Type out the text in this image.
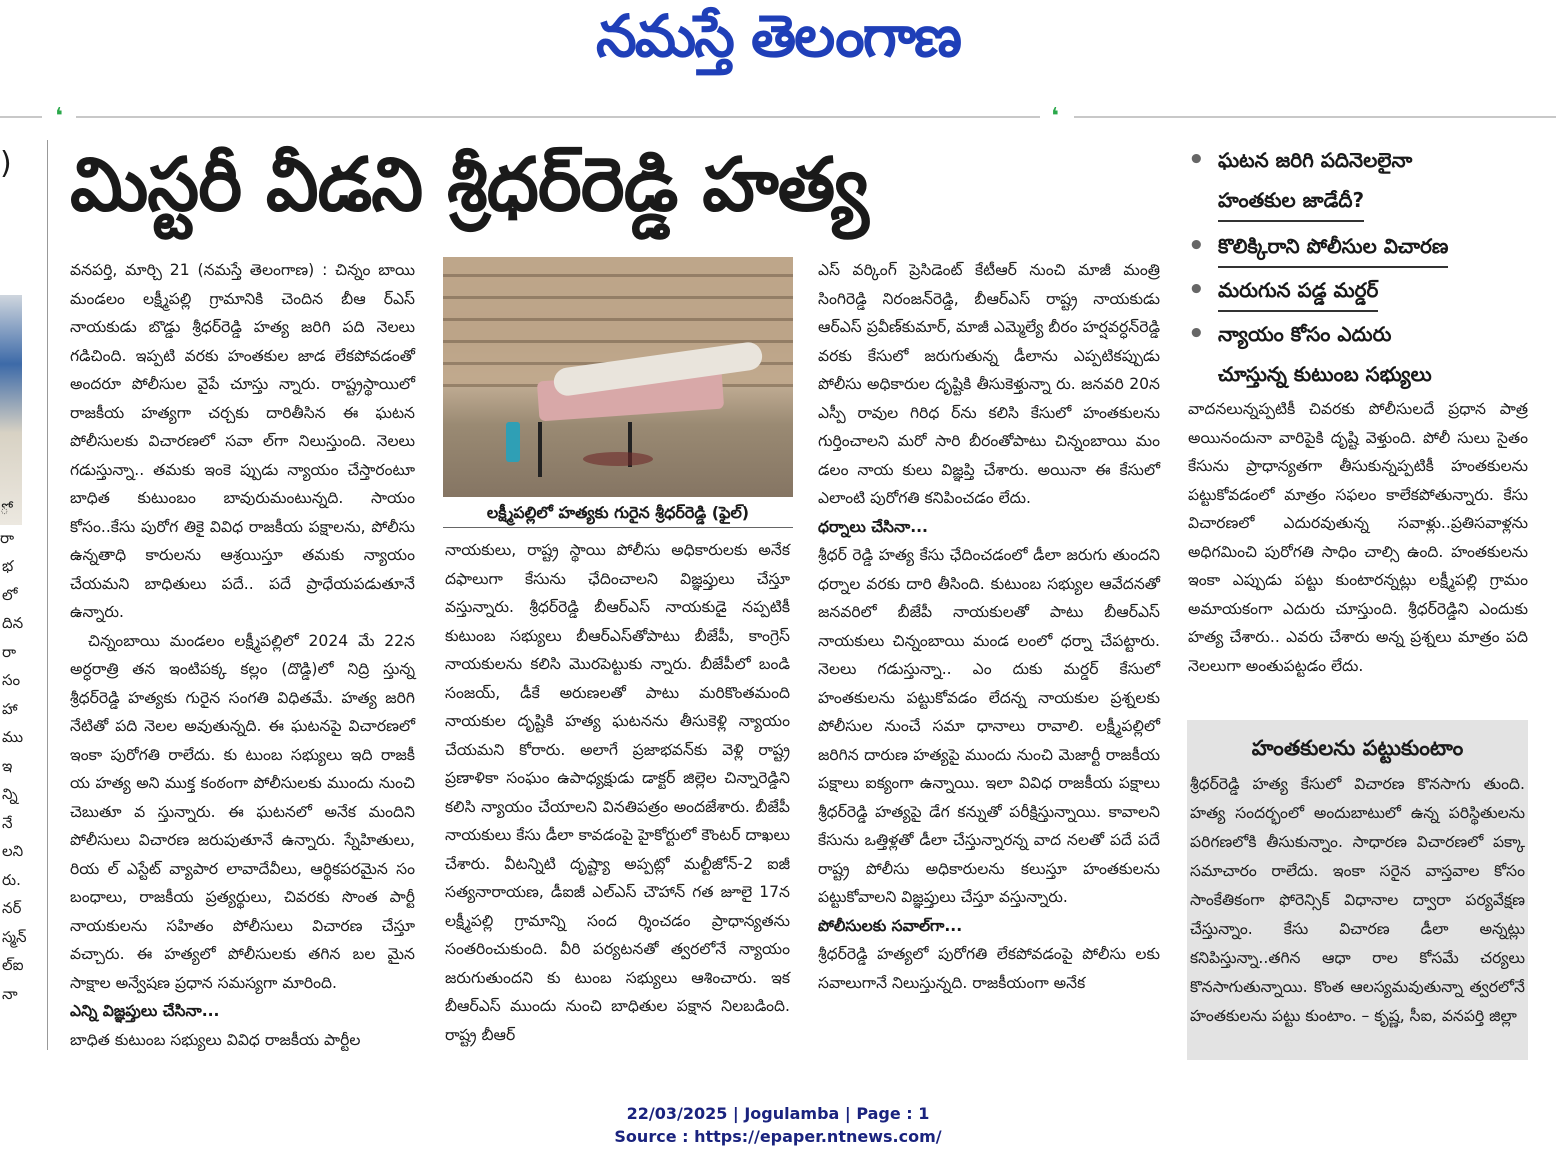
నమస్తే తెలంగాణ
❛	❛
)
ో
రా
భ
లో
దిన
రా
సం
హా
ము
ఇ
న్ని
నే
లని
రు.
నర్
స్మన్
ల్‌ఐ
నా
మిస్టరీ వీడని శ్రీధర్‌రెడ్డి హత్య

వనపర్తి, మార్చి 21 (నమస్తే తెలంగాణ) : చిన్నం బాయి మండలం లక్ష్మీపల్లి గ్రామానికి చెందిన బీఆ ర్‌ఎస్ నాయకుడు బొడ్డు శ్రీధర్‌రెడ్డి హత్య జరిగి పది నెలలు గడిచింది. ఇప్పటి వరకు హంతకుల జాడ లేకపోవడంతో అందరూ పోలీసుల వైపే చూస్తు న్నారు. రాష్ట్రస్థాయిలో రాజకీయ హత్యగా చర్చకు దారితీసిన ఈ ఘటన పోలీసులకు విచారణలో సవా ల్‌గా నిలుస్తుంది. నెలలు గడుస్తున్నా.. తమకు ఇంకె ప్పుడు న్యాయం చేస్తారంటూ బాధిత కుటుంబం బావురుమంటున్నది. సాయం కోసం..కేసు పురోగ తికై వివిధ రాజకీయ పక్షాలను, పోలీసు ఉన్నతాధి కారులను ఆశ్రయిస్తూ తమకు న్యాయం చేయమని బాధితులు పదే.. పదే ప్రాధేయపడుతూనే ఉన్నారు.

చిన్నంబాయి మండలం లక్ష్మీపల్లిలో 2024 మే 22న అర్ధరాత్రి తన ఇంటిపక్క కల్లం (దొడ్డి)లో నిద్రి స్తున్న శ్రీధర్‌రెడ్డి హత్యకు గురైన సంగతి విధితమే. హత్య జరిగి నేటితో పది నెలల అవుతున్నది. ఈ ఘటనపై విచారణలో ఇంకా పురోగతి రాలేదు. కు టుంబ సభ్యులు ఇది రాజకీ య హత్య అని ముక్త కంఠంగా పోలీసులకు ముందు నుంచి చెబుతూ వ స్తున్నారు. ఈ ఘటనలో అనేక మందిని పోలీసులు విచారణ జరుపుతూనే ఉన్నారు. స్నేహితులు, రియ ల్ ఎస్టేట్ వ్యాపార లావాదేవీలు, ఆర్థికపరమైన సం బంధాలు, రాజకీయ ప్రత్యర్థులు, చివరకు సొంత పార్టీ నాయకులను సహితం పోలీసులు విచారణ చేస్తూ వచ్చారు. ఈ హత్యలో పోలీసులకు తగిన బల మైన సాక్షాల అన్వేషణ ప్రధాన సమస్యగా మారింది.

ఎన్ని విజ్ఞప్తులు చేసినా...

బాధిత కుటుంబ సభ్యులు వివిధ రాజకీయ పార్టీల

లక్ష్మీపల్లిలో హత్యకు గురైన శ్రీధర్‌రెడ్డి (ఫైల్‌)

నాయకులు, రాష్ట్ర స్థాయి పోలీసు అధికారులకు అనేక దఫాలుగా కేసును ఛేదించాలని విజ్ఞప్తులు చేస్తూ వస్తున్నారు. శ్రీధర్‌రెడ్డి బీఆర్‌ఎస్ నాయకుడై నప్పటికీ కుటుంబ సభ్యులు బీఆర్‌ఎస్‌తోపాటు బీజేపీ, కాంగ్రెస్ నాయకులను కలిసి మొరపెట్టుకు న్నారు. బీజేపీలో బండి సంజయ్, డీకే అరుణలతో పాటు మరికొంతమంది నాయకుల దృష్టికి హత్య ఘటనను తీసుకెళ్లి న్యాయం చేయమని కోరారు. అలాగే ప్రజాభవన్‌కు వెళ్లి రాష్ట్ర ప్రణాళికా సంఘం ఉపాధ్యక్షుడు డాక్టర్ జిల్లెల చిన్నారెడ్డిని కలిసి న్యాయం చేయాలని వినతిపత్రం అందజేశారు. బీజేపీ నాయకులు కేసు డీలా కావడంపై హైకోర్టులో కౌంటర్ దాఖలు చేశారు. వీటన్నిటి దృష్ట్యా అప్పట్లో మల్టీజోన్-2 ఐజీ సత్యనారాయణ, డీఐజీ ఎల్‌ఎస్ చౌహాన్ గత జూలై 17న లక్ష్మీపల్లి గ్రామాన్ని సంద ర్శించడం ప్రాధాన్యతను సంతరించుకుంది. వీరి పర్యటనతో త్వరలోనే న్యాయం జరుగుతుందని కు టుంబ సభ్యులు ఆశించారు. ఇక బీఆర్‌ఎస్ ముందు నుంచి బాధితుల పక్షాన నిలబడింది. రాష్ట్ర బీఆర్

ఎస్ వర్కింగ్ ప్రెసిడెంట్ కేటీఆర్ నుంచి మాజీ మంత్రి సింగిరెడ్డి నిరంజన్‌రెడ్డి, బీఆర్‌ఎస్ రాష్ట్ర నాయకుడు ఆర్‌ఎస్ ప్రవీణ్‌కుమార్, మాజీ ఎమ్మెల్యే బీరం హర్షవర్ధన్‌రెడ్డి వరకు కేసులో జరుగుతున్న డీలాను ఎప్పటికప్పుడు పోలీసు అధికారుల దృష్టికి తీసుకెళ్తున్నా రు. జనవరి 20న ఎస్పీ రావుల గిరిధ ర్‌ను కలిసి కేసులో హంతకులను గుర్తించాలని మరో సారి బీరంతోపాటు చిన్నంబాయి మం డలం నాయ కులు విజ్ఞప్తి చేశారు. అయినా ఈ కేసులో ఎలాంటి పురోగతి కనిపించడం లేదు.

ధర్నాలు చేసినా...

శ్రీధర్ రెడ్డి హత్య కేసు ఛేదించడంలో డీలా జరుగు తుందని ధర్నాల వరకు దారి తీసింది. కుటుంబ సభ్యుల ఆవేదనతో జనవరిలో బీజేపీ నాయకులతో పాటు బీఆర్‌ఎస్ నాయకులు చిన్నంబాయి మండ లంలో ధర్నా చేపట్టారు. నెలలు గడుస్తున్నా.. ఎం దుకు మర్డర్ కేసులో హంతకులను పట్టుకోవడం లేదన్న నాయకుల ప్రశ్నలకు పోలీసుల నుంచే సమా ధానాలు రావాలి. లక్ష్మీపల్లిలో జరిగిన దారుణ హత్యపై ముందు నుంచి మెజార్టీ రాజకీయ పక్షాలు ఐక్యంగా ఉన్నాయి. ఇలా వివిధ రాజకీయ పక్షాలు శ్రీధర్‌రెడ్డి హత్యపై డేగ కన్నుతో పరీక్షిస్తున్నాయి. కావాలని కేసును ఒత్తిళ్లతో డీలా చేస్తున్నారన్న వాద నలతో పదే పదే రాష్ట్ర పోలీసు అధికారులను కలుస్తూ హంతకులను పట్టుకోవాలని విజ్ఞప్తులు చేస్తూ వస్తున్నారు.

పోలీసులకు సవాల్‌గా...

శ్రీధర్‌రెడ్డి హత్యలో పురోగతి లేకపోవడంపై పోలీసు లకు సవాలుగానే నిలుస్తున్నది. రాజకీయంగా అనేక

• ఘటన జరిగి పదినెలలైనా
హంతకుల జాడేదీ?
• కొలిక్కిరాని పోలీసుల విచారణ
• మరుగున పడ్డ మర్డర్
• న్యాయం కోసం ఎదురు
చూస్తున్న కుటుంబ సభ్యులు

వాదనలున్నప్పటికీ చివరకు పోలీసులదే ప్రధాన పాత్ర అయినందునా వారిపైకి దృష్టి వెళ్తుంది. పోలీ సులు సైతం కేసును ప్రాధాన్యతగా తీసుకున్నప్పటికీ హంతకులను పట్టుకోవడంలో మాత్రం సఫలం కాలేకపోతున్నారు. కేసు విచారణలో ఎదురవుతున్న సవాళ్లు..ప్రతిసవాళ్లను అధిగమించి పురోగతి సాధిం చాల్సి ఉంది. హంతకులను ఇంకా ఎప్పుడు పట్టు కుంటారన్నట్లు లక్ష్మీపల్లి గ్రామం అమాయకంగా ఎదురు చూస్తుంది. శ్రీధర్‌రెడ్డిని ఎందుకు హత్య చేశారు.. ఎవరు చేశారు అన్న ప్రశ్నలు మాత్రం పది నెలలుగా అంతుపట్టడం లేదు.

హంతకులను పట్టుకుంటాం
శ్రీధర్‌రెడ్డి హత్య కేసులో విచారణ కొనసాగు తుంది. హత్య సందర్భంలో అందుబాటులో ఉన్న పరిస్థితులను పరిగణలోకి తీసుకున్నాం. సాధారణ విచారణలో పక్కా సమాచారం రాలేదు. ఇంకా సరైన వాస్తవాల కోసం సాంకేతికంగా ఫోరెన్సిక్ విధానాల ద్వారా పర్యవేక్షణ చేస్తున్నాం. కేసు విచారణ డీలా అన్నట్లు కనిపిస్తున్నా..తగిన ఆధా రాల కోసమే చర్యలు కొనసాగుతున్నాయి. కొంత ఆలస్యమవుతున్నా త్వరలోనే హంతకులను పట్టు కుంటాం. – కృష్ణ, సీఐ, వనపర్తి జిల్లా
22/03/2025 | Jogulamba | Page : 1
Source : https://epaper.ntnews.com/
